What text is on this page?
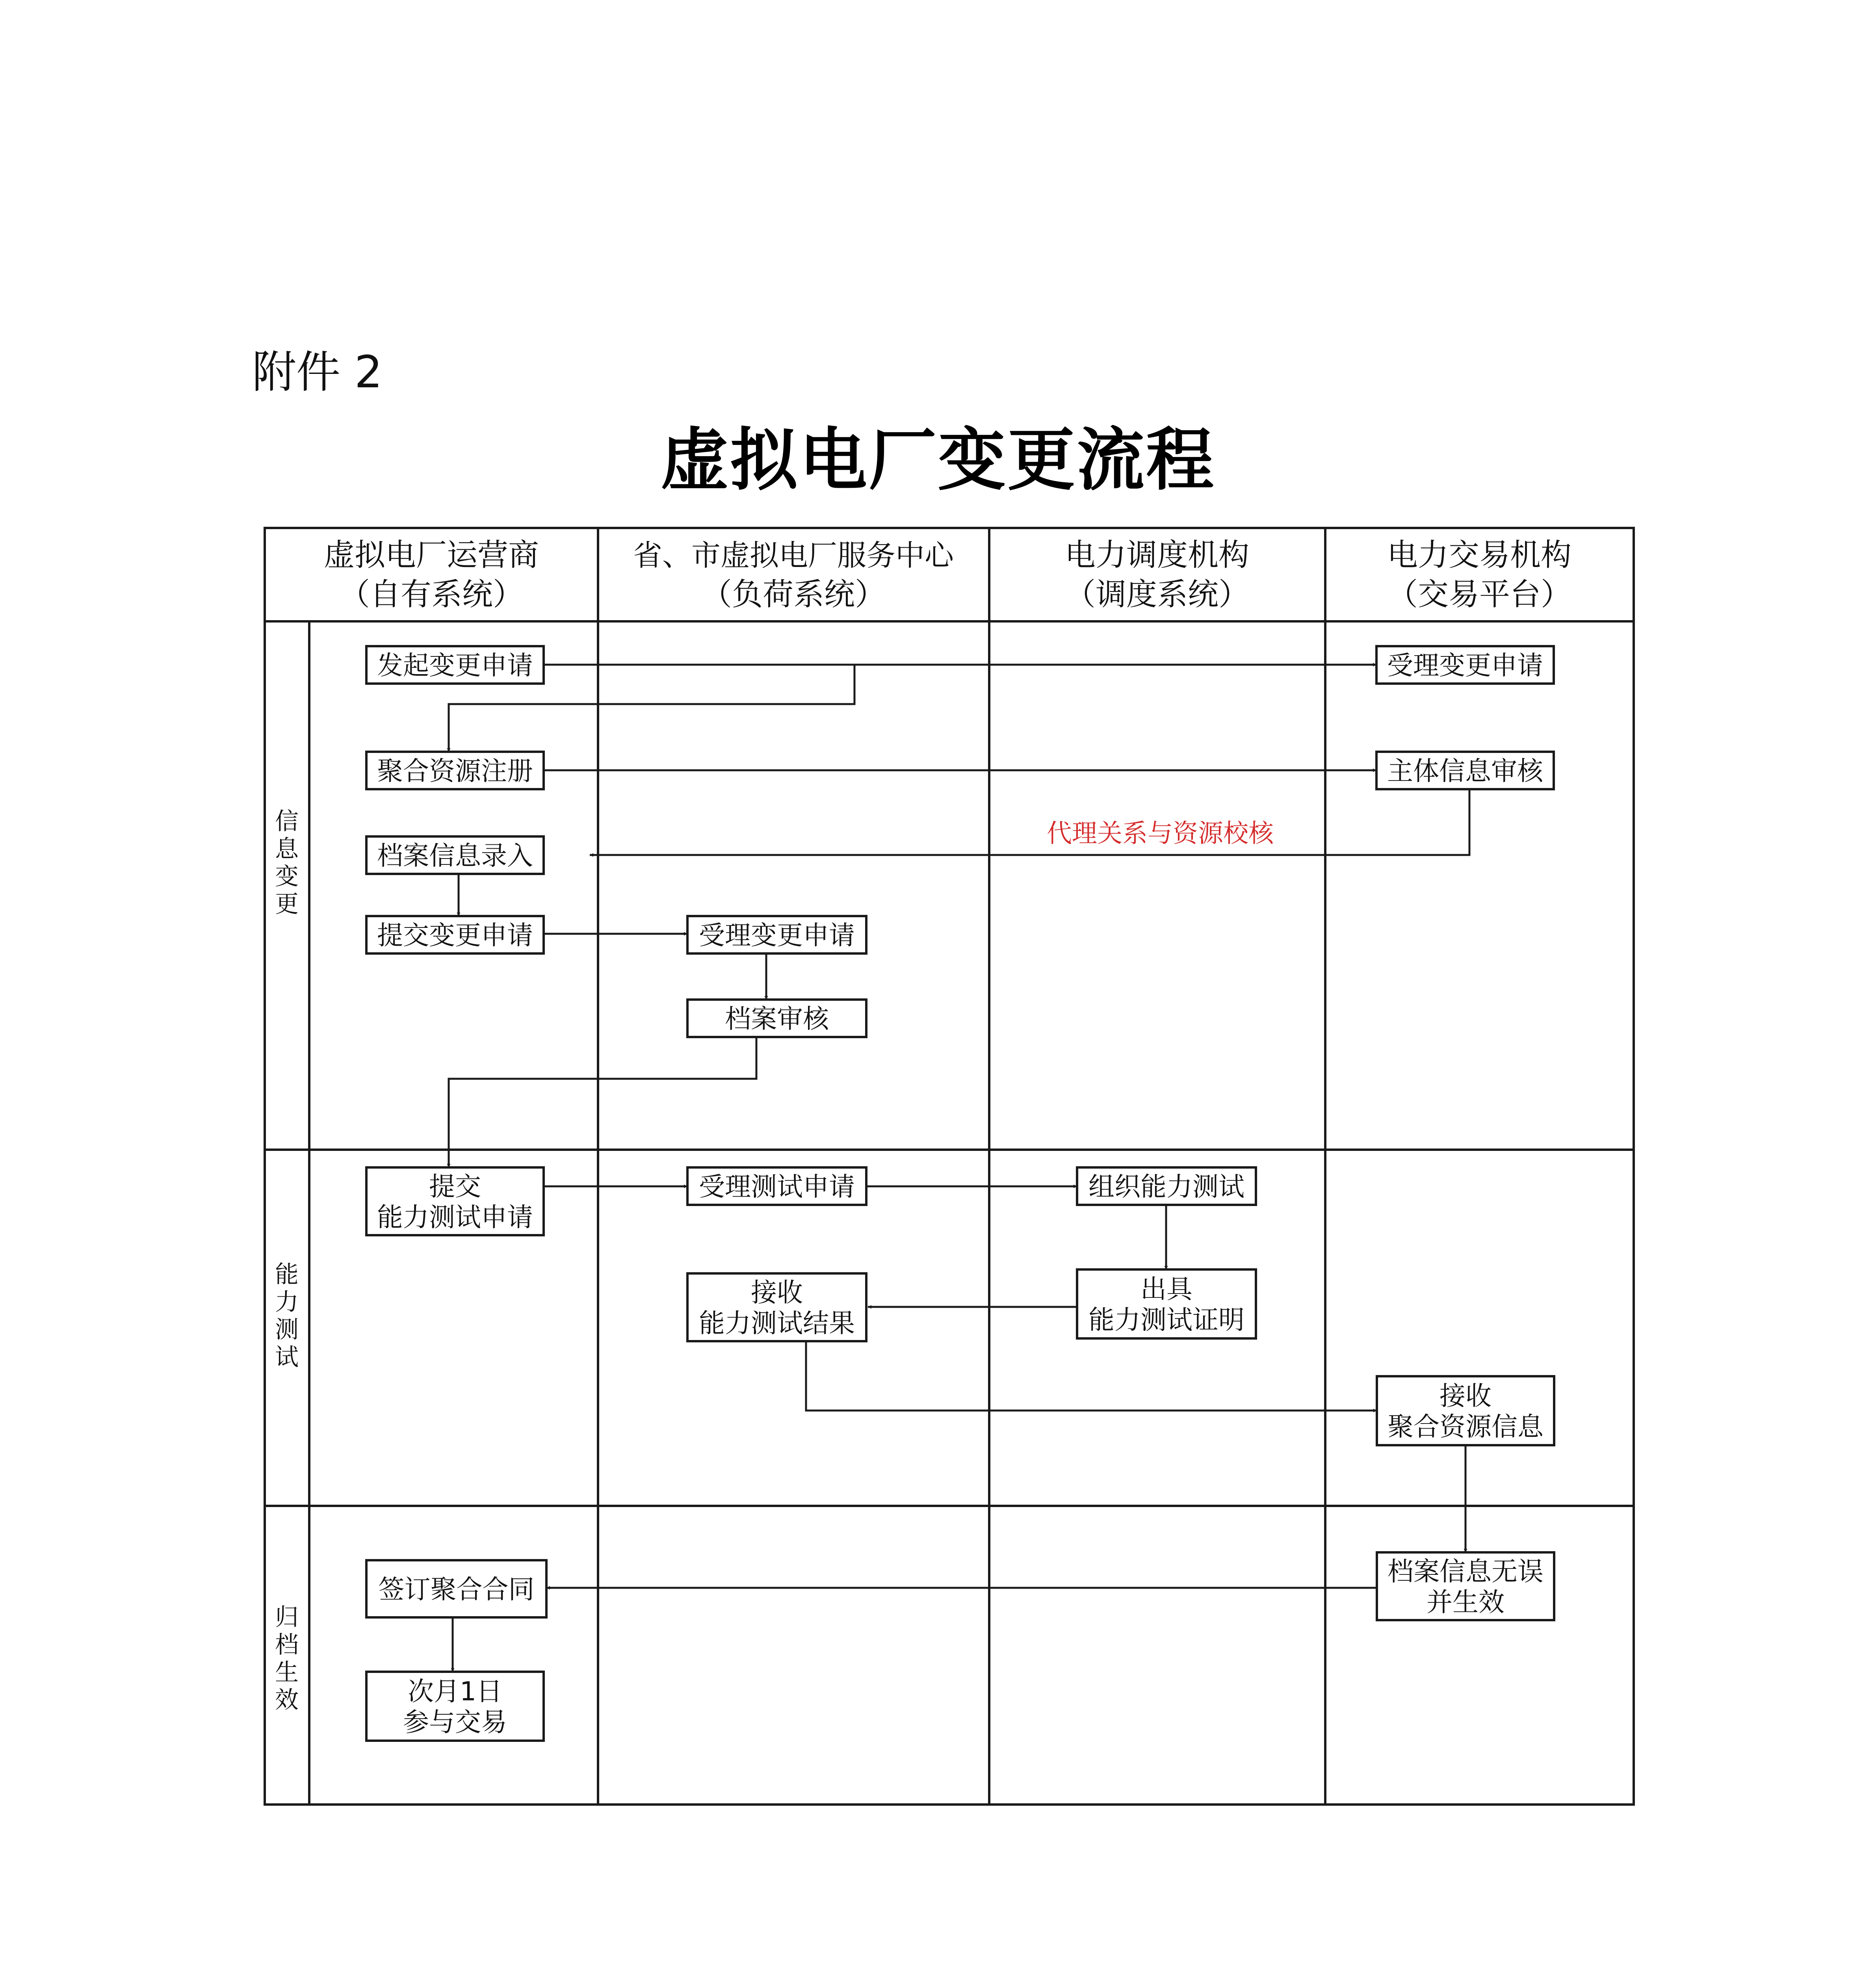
附件 2
虚拟电厂变更流程
虚拟电厂运营商
（自有系统）
省、市虚拟电厂服务中心
（负荷系统）
电力调度机构
（调度系统）
电力交易机构
（交易平台）
信
息
变
更
能
力
测
试
归
档
生
效
代理关系与资源校核
发起变更申请	受理变更申请
聚合资源注册	主体信息审核
档案信息录入
提交变更申请	受理变更申请
档案审核
提交
能力测试申请
受理测试申请	组织能力测试
出具
能力测试证明
接收
能力测试结果
接收
聚合资源信息
档案信息无误
并生效
签订聚合合同
次月1日
参与交易
